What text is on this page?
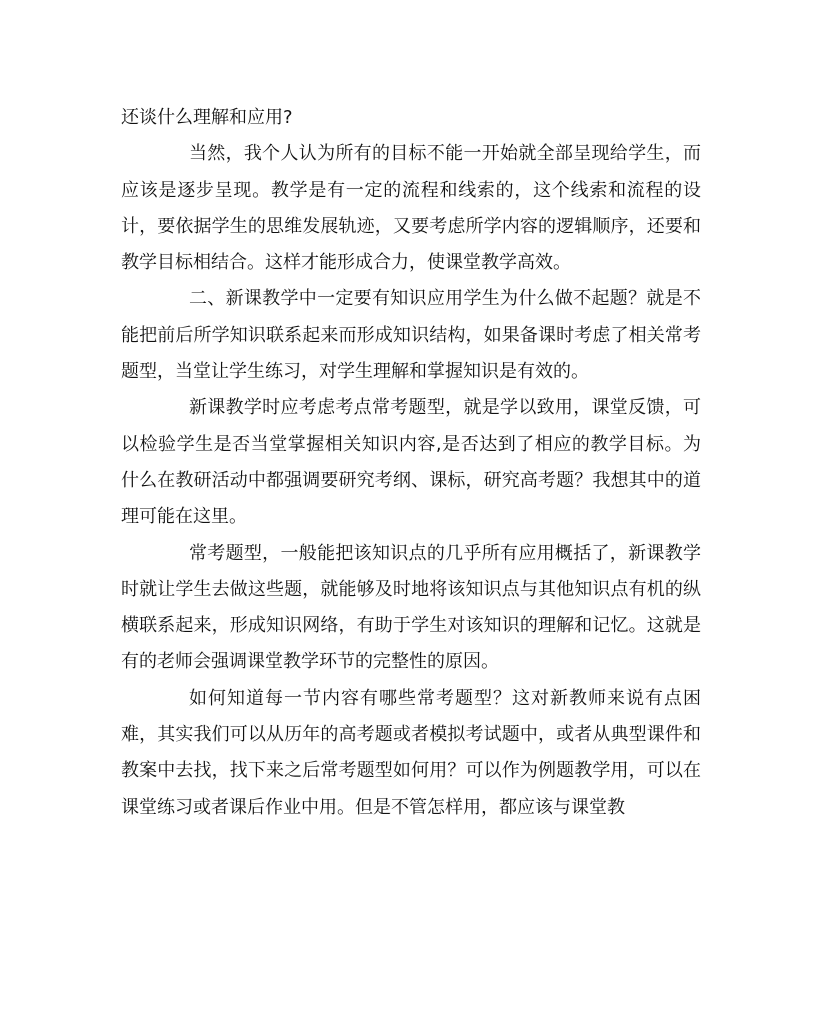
还谈什么理解和应用?

当然，我个人认为所有的目标不能一开始就全部呈现给学生，而应该是逐步呈现。教学是有一定的流程和线索的，这个线索和流程的设计，要依据学生的思维发展轨迹，又要考虑所学内容的逻辑顺序，还要和教学目标相结合。这样才能形成合力，使课堂教学高效。

二、新课教学中一定要有知识应用学生为什么做不起题？就是不能把前后所学知识联系起来而形成知识结构，如果备课时考虑了相关常考题型，当堂让学生练习，对学生理解和掌握知识是有效的。

新课教学时应考虑考点常考题型，就是学以致用，课堂反馈，可以检验学生是否当堂掌握相关知识内容,是否达到了相应的教学目标。为什么在教研活动中都强调要研究考纲、课标，研究高考题？我想其中的道理可能在这里。

常考题型，一般能把该知识点的几乎所有应用概括了，新课教学时就让学生去做这些题，就能够及时地将该知识点与其他知识点有机的纵横联系起来，形成知识网络，有助于学生对该知识的理解和记忆。这就是有的老师会强调课堂教学环节的完整性的原因。

如何知道每一节内容有哪些常考题型？这对新教师来说有点困难，其实我们可以从历年的高考题或者模拟考试题中，或者从典型课件和教案中去找，找下来之后常考题型如何用？可以作为例题教学用，可以在课堂练习或者课后作业中用。但是不管怎样用，都应该与课堂教
